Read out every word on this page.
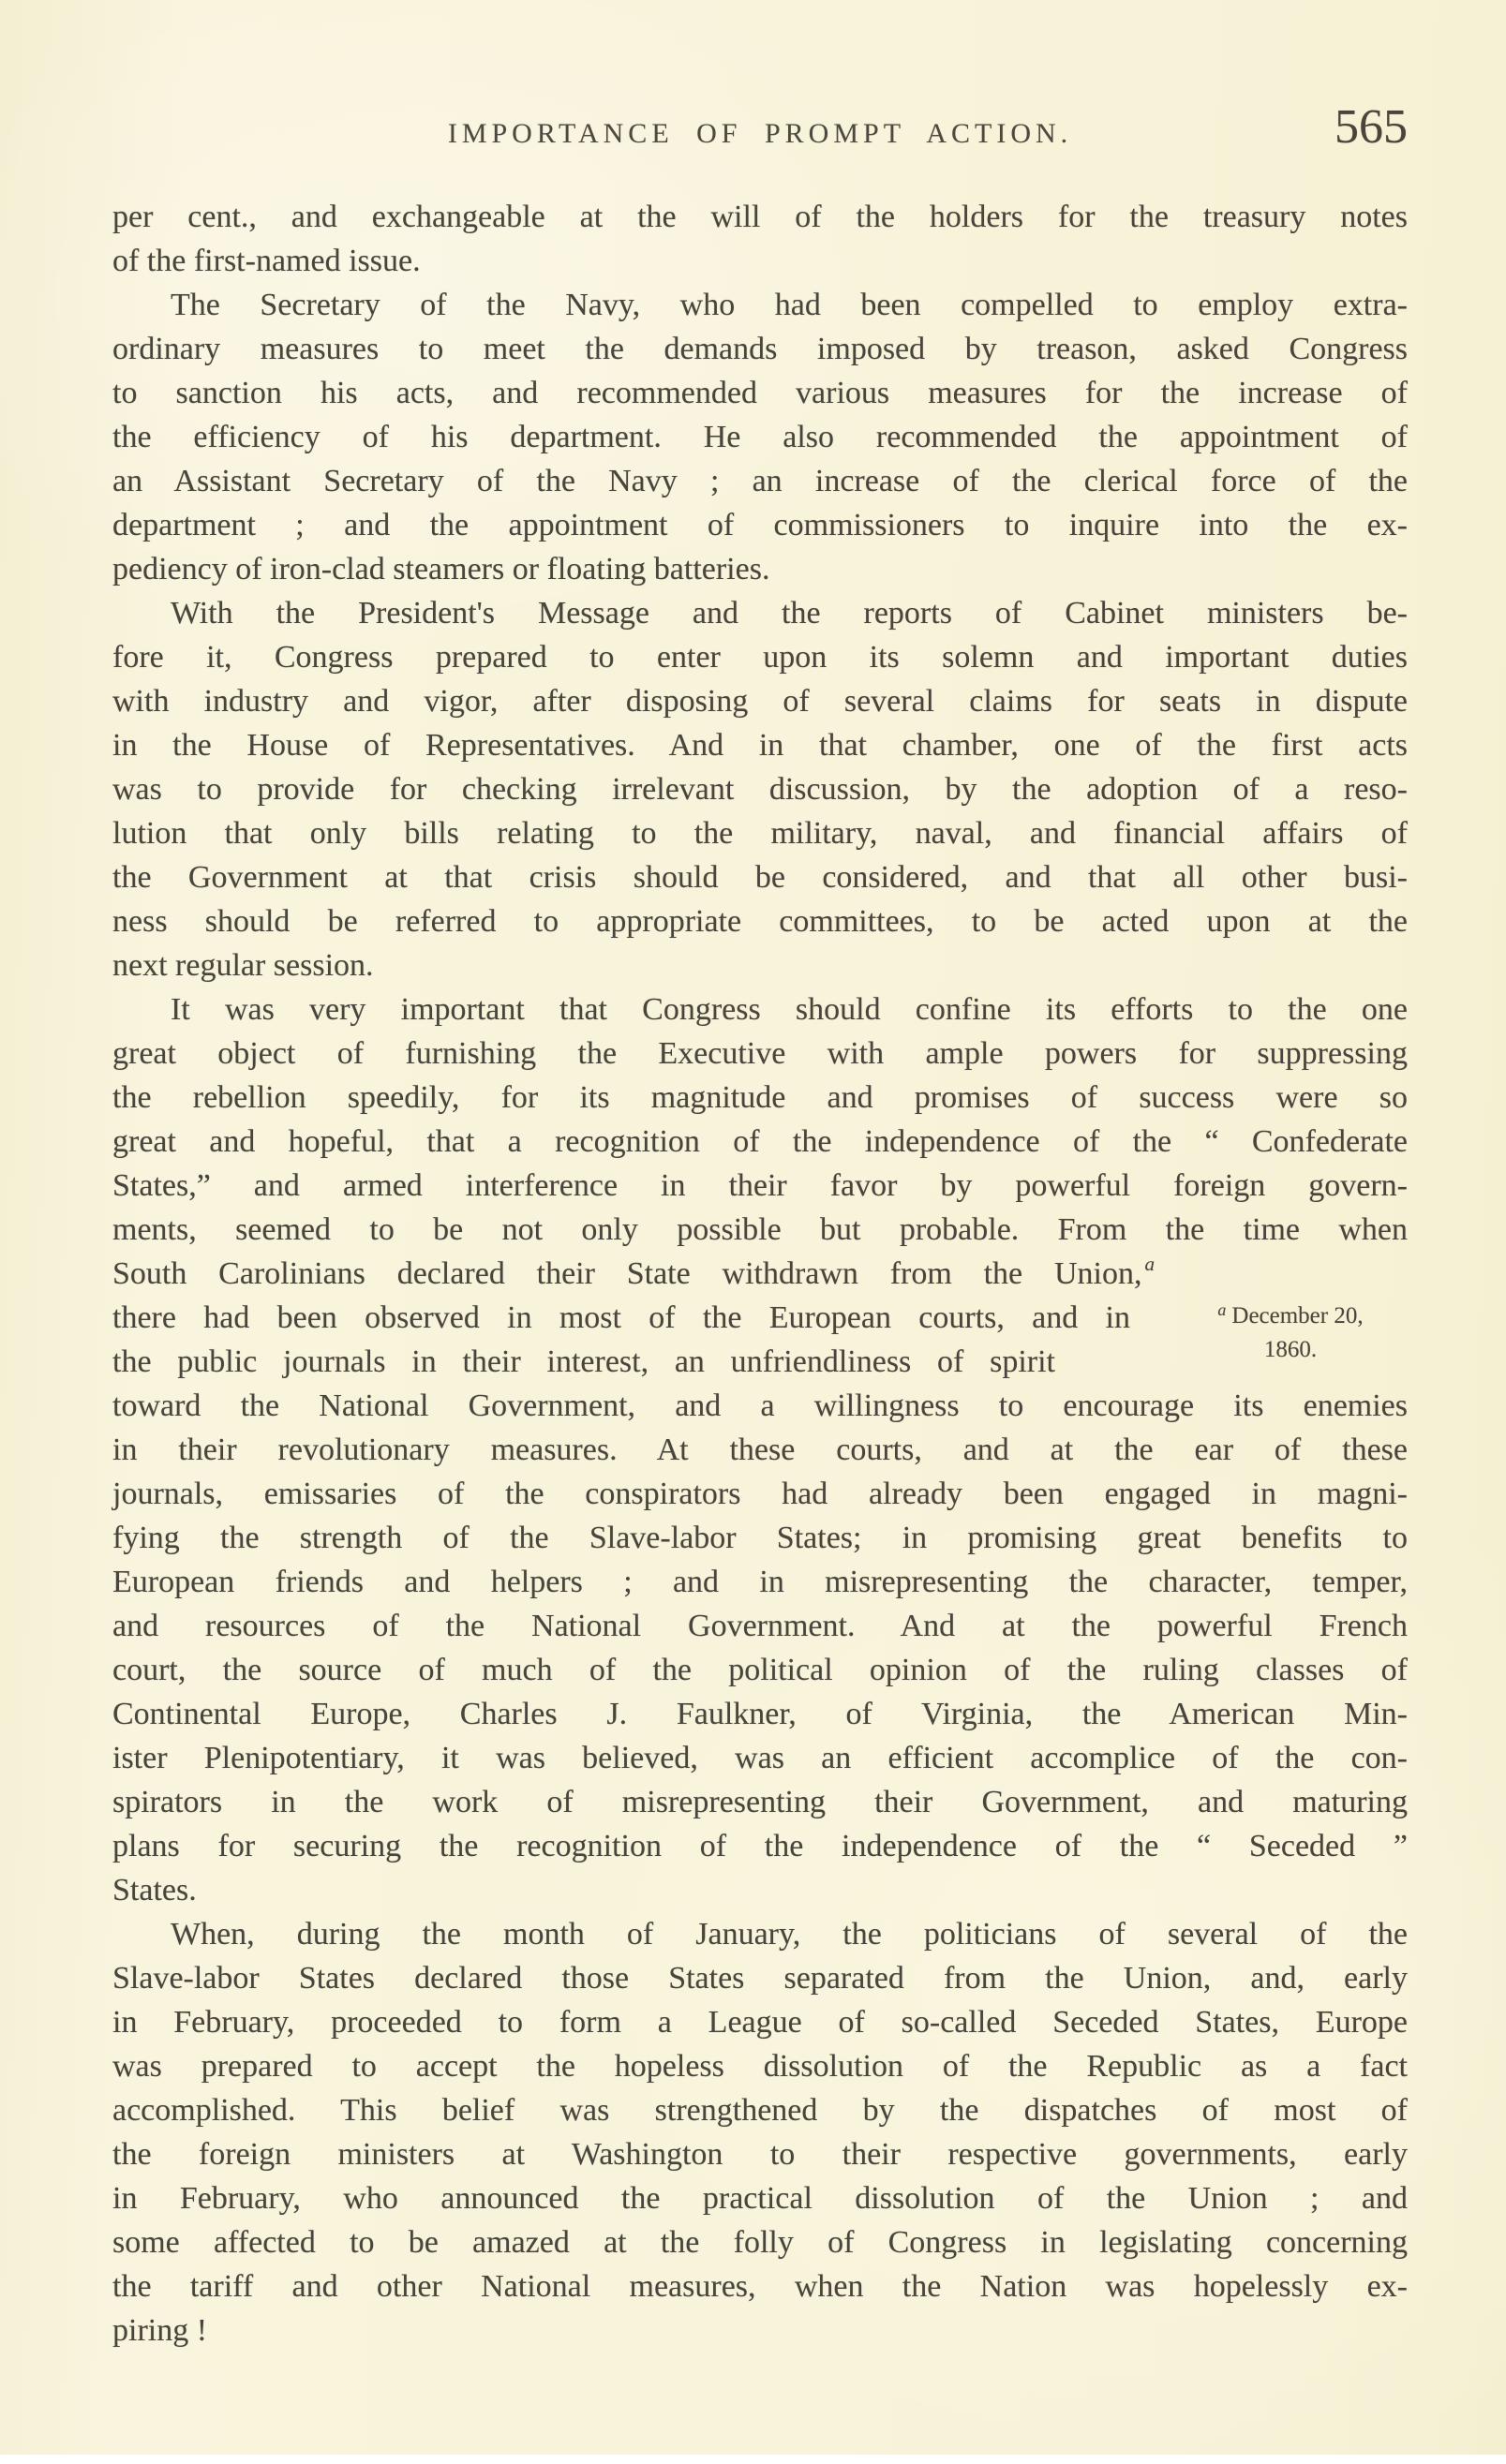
IMPORTANCE OF PROMPT ACTION.	565
per cent., and exchangeable at the will of the holders for the treasury notes
of the first-named issue.
The Secretary of the Navy, who had been compelled to employ extra-
ordinary measures to meet the demands imposed by treason, asked Congress
to sanction his acts, and recommended various measures for the increase of
the efficiency of his department. He also recommended the appointment of
an Assistant Secretary of the Navy ; an increase of the clerical force of the
department ; and the appointment of commissioners to inquire into the ex-
pediency of iron-clad steamers or floating batteries.
With the President's Message and the reports of Cabinet ministers be-
fore it, Congress prepared to enter upon its solemn and important duties
with industry and vigor, after disposing of several claims for seats in dispute
in the House of Representatives. And in that chamber, one of the first acts
was to provide for checking irrelevant discussion, by the adoption of a reso-
lution that only bills relating to the military, naval, and financial affairs of
the Government at that crisis should be considered, and that all other busi-
ness should be referred to appropriate committees, to be acted upon at the
next regular session.
It was very important that Congress should confine its efforts to the one
great object of furnishing the Executive with ample powers for suppressing
the rebellion speedily, for its magnitude and promises of success were so
great and hopeful, that a recognition of the independence of the “ Confederate
States,” and armed interference in their favor by powerful foreign govern-
ments, seemed to be not only possible but probable. From the time when
South Carolinians declared their State withdrawn from the Union, $^a$
there had been observed in most of the European courts, and in
the public journals in their interest, an unfriendliness of spirit
toward the National Government, and a willingness to encourage its enemies
in their revolutionary measures. At these courts, and at the ear of these
journals, emissaries of the conspirators had already been engaged in magni-
fying the strength of the Slave-labor States; in promising great benefits to
European friends and helpers ; and in misrepresenting the character, temper,
and resources of the National Government. And at the powerful French
court, the source of much of the political opinion of the ruling classes of
Continental Europe, Charles J. Faulkner, of Virginia, the American Min-
ister Plenipotentiary, it was believed, was an efficient accomplice of the con-
spirators in the work of misrepresenting their Government, and maturing
plans for securing the recognition of the independence of the “ Seceded ”
States.
When, during the month of January, the politicians of several of the
Slave-labor States declared those States separated from the Union, and, early
in February, proceeded to form a League of so-called Seceded States, Europe
was prepared to accept the hopeless dissolution of the Republic as a fact
accomplished. This belief was strengthened by the dispatches of most of
the foreign ministers at Washington to their respective governments, early
in February, who announced the practical dissolution of the Union ; and
some affected to be amazed at the folly of Congress in legislating concerning
the tariff and other National measures, when the Nation was hopelessly ex-
piring !
$^a$ December 20,
1860.
